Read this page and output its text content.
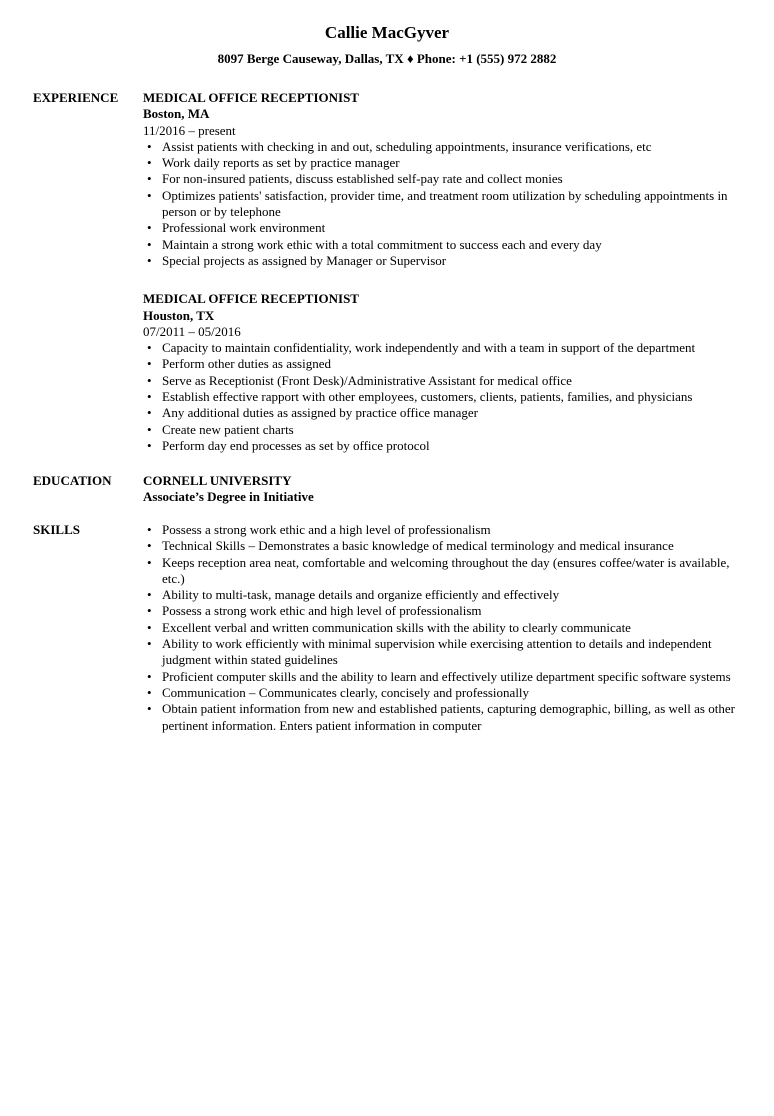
Callie MacGyver
8097 Berge Causeway, Dallas, TX ♦ Phone: +1 (555) 972 2882
EXPERIENCE MEDICAL OFFICE RECEPTIONIST
Boston, MA
11/2016 – present
• Assist patients with checking in and out, scheduling appointments, insurance verifications, etc
• Work daily reports as set by practice manager
• For non-insured patients, discuss established self-pay rate and collect monies
• Optimizes patients' satisfaction, provider time, and treatment room utilization by scheduling appointments in person or by telephone
• Professional work environment
• Maintain a strong work ethic with a total commitment to success each and every day
• Special projects as assigned by Manager or Supervisor
MEDICAL OFFICE RECEPTIONIST
Houston, TX
07/2011 – 05/2016
• Capacity to maintain confidentiality, work independently and with a team in support of the department
• Perform other duties as assigned
• Serve as Receptionist (Front Desk)/Administrative Assistant for medical office
• Establish effective rapport with other employees, customers, clients, patients, families, and physicians
• Any additional duties as assigned by practice office manager
• Create new patient charts
• Perform day end processes as set by office protocol
EDUCATION CORNELL UNIVERSITY
Associate’s Degree in Initiative
SKILLS
•	Possess a strong work ethic and a high level of professionalism
• Technical Skills – Demonstrates a basic knowledge of medical terminology and medical insurance
• Keeps reception area neat, comfortable and welcoming throughout the day (ensures coffee/water is available, etc.)
• Ability to multi-task, manage details and organize efficiently and effectively
• Possess a strong work ethic and high level of professionalism
• Excellent verbal and written communication skills with the ability to clearly communicate
• Ability to work efficiently with minimal supervision while exercising attention to details and independent judgment within stated guidelines
• Proficient computer skills and the ability to learn and effectively utilize department specific software systems
• Communication – Communicates clearly, concisely and professionally
• Obtain patient information from new and established patients, capturing demographic, billing, as well as other pertinent information. Enters patient information in computer
